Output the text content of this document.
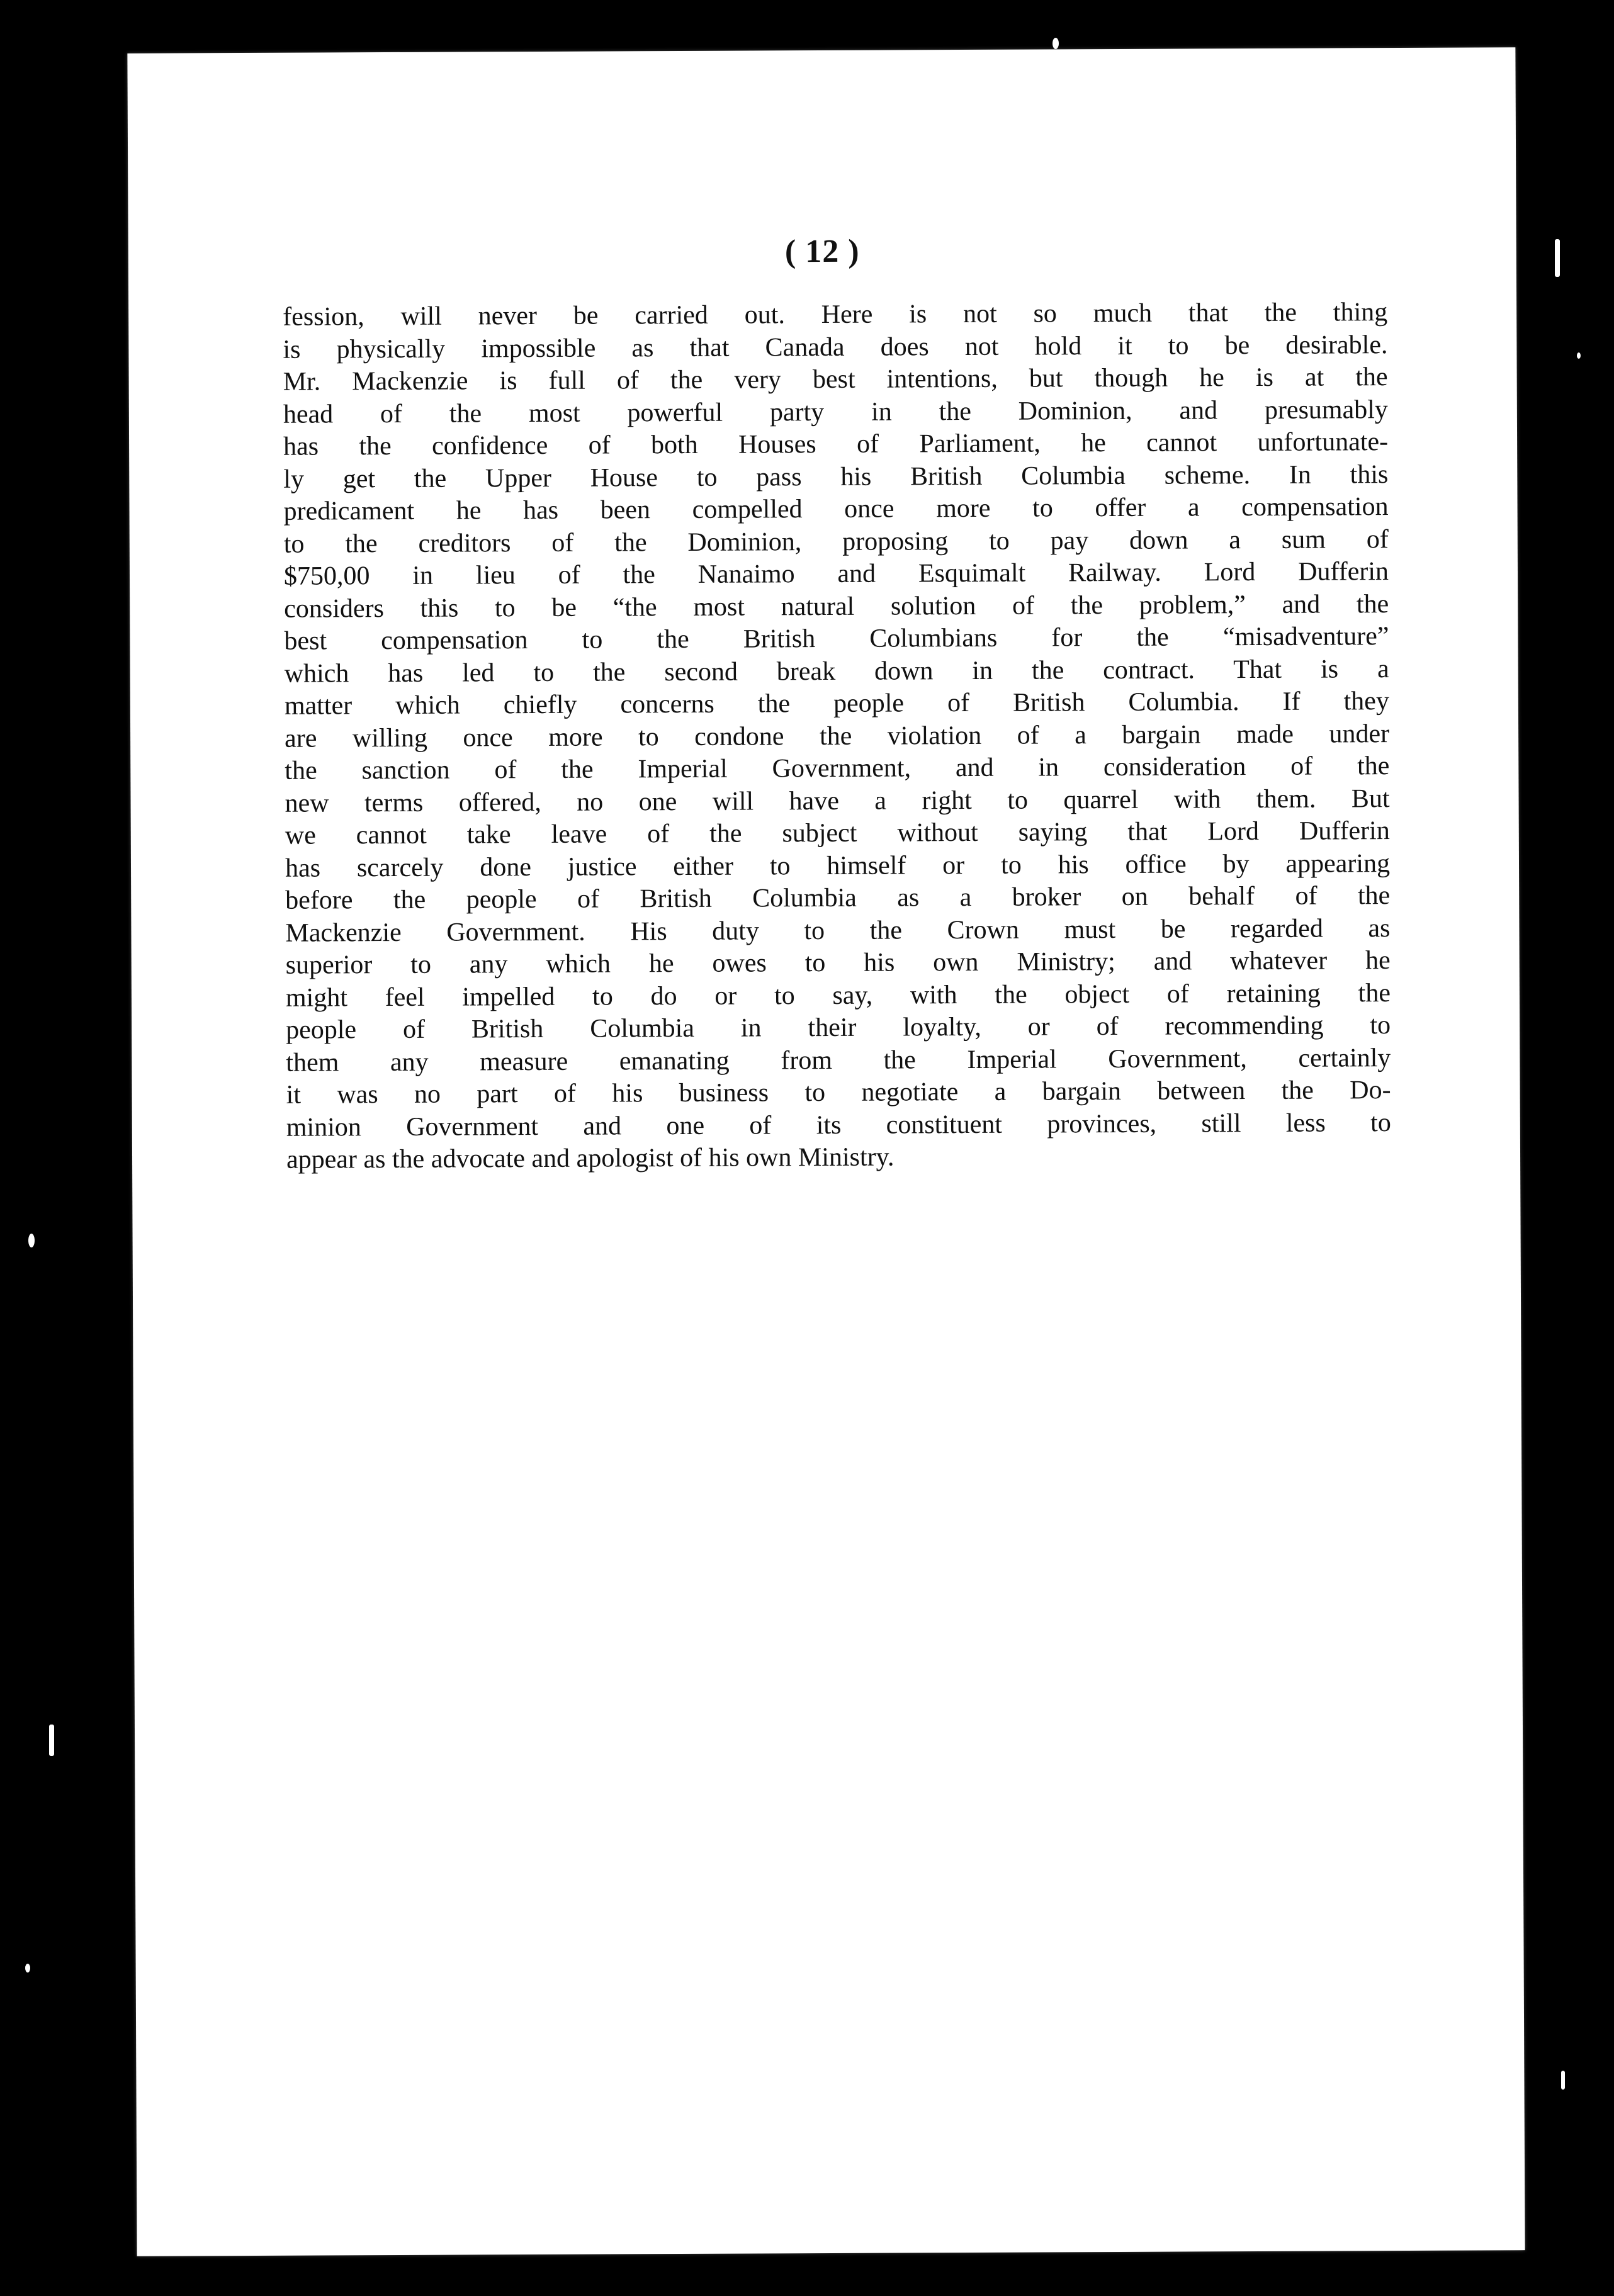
( 12 )
fession, will never be carried out. Here is not so much that the thing
is physically impossible as that Canada does not hold it to be desirable.
Mr. Mackenzie is full of the very best intentions, but though he is at the
head of the most powerful party in the Dominion, and presumably
has the confidence of both Houses of Parliament, he cannot unfortunate-
ly get the Upper House to pass his British Columbia scheme. In this
predicament he has been compelled once more to offer a compensation
to the creditors of the Dominion, proposing to pay down a sum of
$750,00 in lieu of the Nanaimo and Esquimalt Railway. Lord Dufferin
considers this to be “the most natural solution of the problem,” and the
best compensation to the British Columbians for the “misadventure”
which has led to the second break down in the contract. That is a
matter which chiefly concerns the people of British Columbia. If they
are willing once more to condone the violation of a bargain made under
the sanction of the Imperial Government, and in consideration of the
new terms offered, no one will have a right to quarrel with them. But
we cannot take leave of the subject without saying that Lord Dufferin
has scarcely done justice either to himself or to his office by appearing
before the people of British Columbia as a broker on behalf of the
Mackenzie Government. His duty to the Crown must be regarded as
superior to any which he owes to his own Ministry; and whatever he
might feel impelled to do or to say, with the object of retaining the
people of British Columbia in their loyalty, or of recommending to
them any measure emanating from the Imperial Government, certainly
it was no part of his business to negotiate a bargain between the Do-
minion Government and one of its constituent provinces, still less to
appear as the advocate and apologist of his own Ministry.
